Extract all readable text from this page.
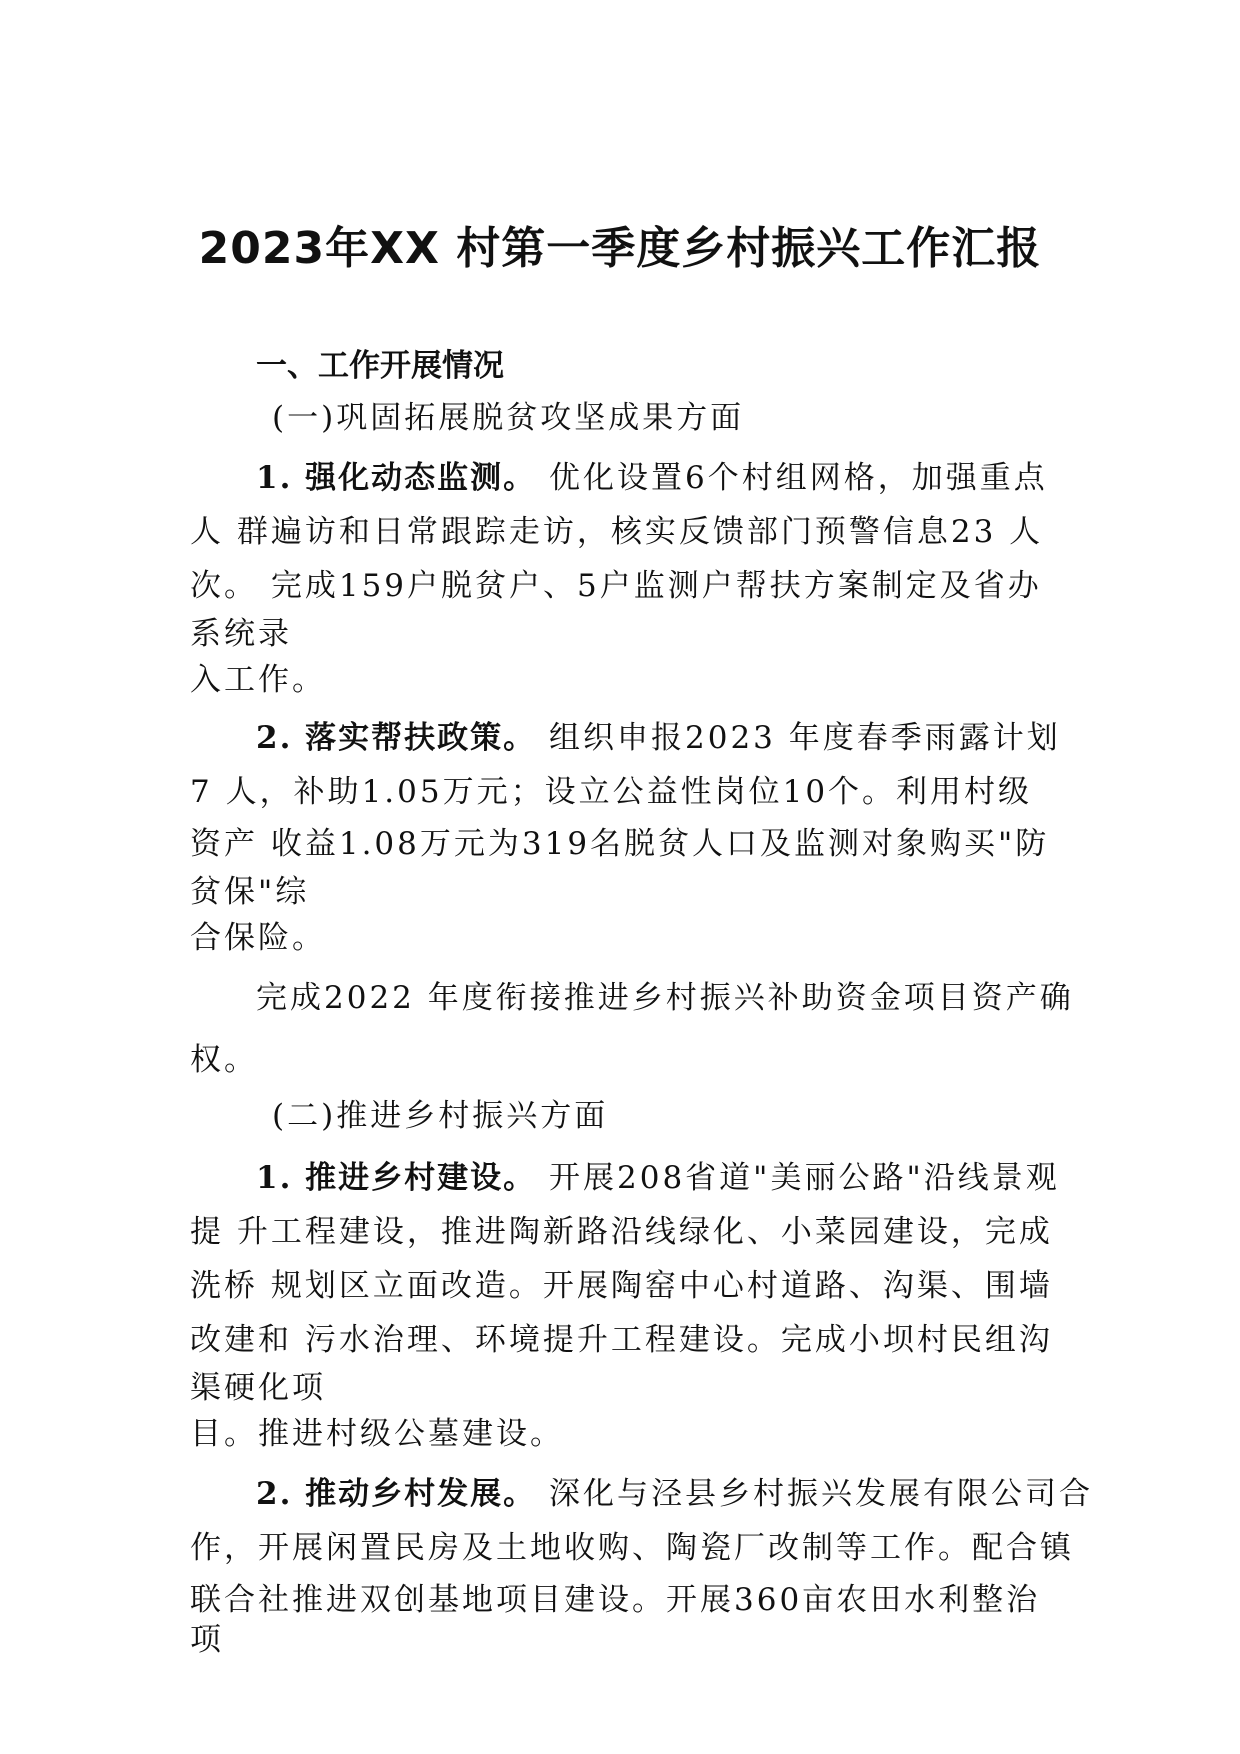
2023年XX 村第一季度乡村振兴工作汇报
一、工作开展情况
(一)巩固拓展脱贫攻坚成果方面
1. 强化动态监测。 优化设置6个村组网格，加强重点
人 群遍访和日常跟踪走访，核实反馈部门预警信息23 人
次。 完成159户脱贫户、5户监测户帮扶方案制定及省办
系统录
入工作。
2. 落实帮扶政策。 组织申报2023 年度春季雨露计划
7 人，补助1.05万元；设立公益性岗位10个。利用村级
资产 收益1.08万元为319名脱贫人口及监测对象购买"防
贫保"综
合保险。
完成2022 年度衔接推进乡村振兴补助资金项目资产确
权。
(二)推进乡村振兴方面
1. 推进乡村建设。 开展208省道"美丽公路"沿线景观
提 升工程建设，推进陶新路沿线绿化、小菜园建设，完成
洗桥 规划区立面改造。开展陶窑中心村道路、沟渠、围墙
改建和 污水治理、环境提升工程建设。完成小坝村民组沟
渠硬化项
目。推进村级公墓建设。
2. 推动乡村发展。 深化与泾县乡村振兴发展有限公司合
作，开展闲置民房及土地收购、陶瓷厂改制等工作。配合镇
联合社推进双创基地项目建设。开展360亩农田水利整治
项
